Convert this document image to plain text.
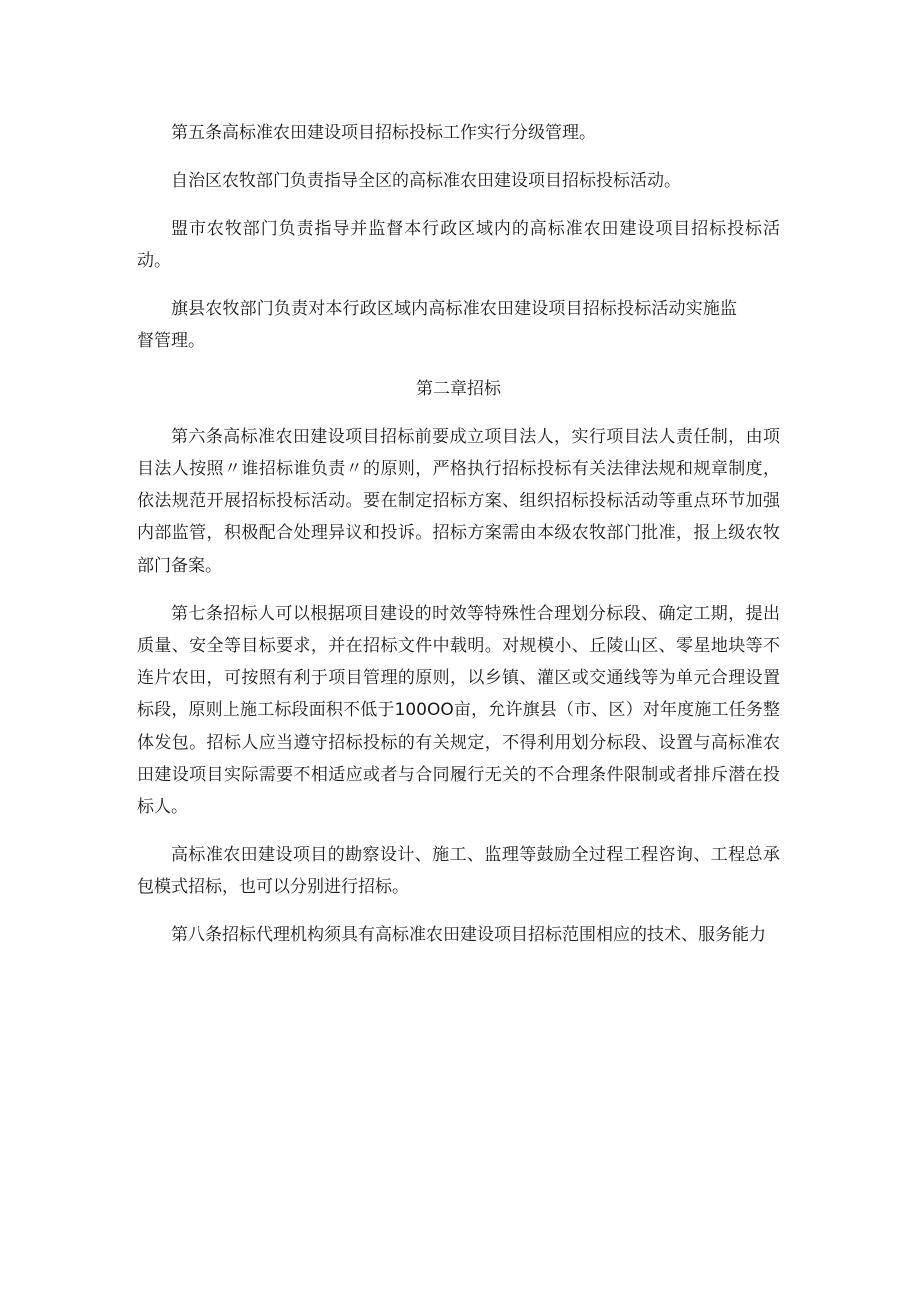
第五条高标准农田建设项目招标投标工作实行分级管理。

自治区农牧部门负责指导全区的高标准农田建设项目招标投标活动。

盟市农牧部门负责指导并监督本行政区域内的高标准农田建设项目招标投标活动。

旗县农牧部门负责对本行政区域内高标准农田建设项目招标投标活动实施监督管理。

第二章招标

第六条高标准农田建设项目招标前要成立项目法人，实行项目法人责任制，由项目法人按照〃谁招标谁负责〃的原则，严格执行招标投标有关法律法规和规章制度，依法规范开展招标投标活动。要在制定招标方案、组织招标投标活动等重点环节加强内部监管，积极配合处理异议和投诉。招标方案需由本级农牧部门批准，报上级农牧部门备案。

第七条招标人可以根据项目建设的时效等特殊性合理划分标段、确定工期，提出质量、安全等目标要求，并在招标文件中载明。对规模小、丘陵山区、零星地块等不连片农田，可按照有利于项目管理的原则，以乡镇、灌区或交通线等为单元合理设置标段，原则上施工标段面积不低于100OO亩，允许旗县（市、区）对年度施工任务整体发包。招标人应当遵守招标投标的有关规定，不得利用划分标段、设置与高标准农田建设项目实际需要不相适应或者与合同履行无关的不合理条件限制或者排斥潜在投标人。

高标准农田建设项目的勘察设计、施工、监理等鼓励全过程工程咨询、工程总承包模式招标，也可以分别进行招标。

第八条招标代理机构须具有高标准农田建设项目招标范围相应的技术、服务能力
